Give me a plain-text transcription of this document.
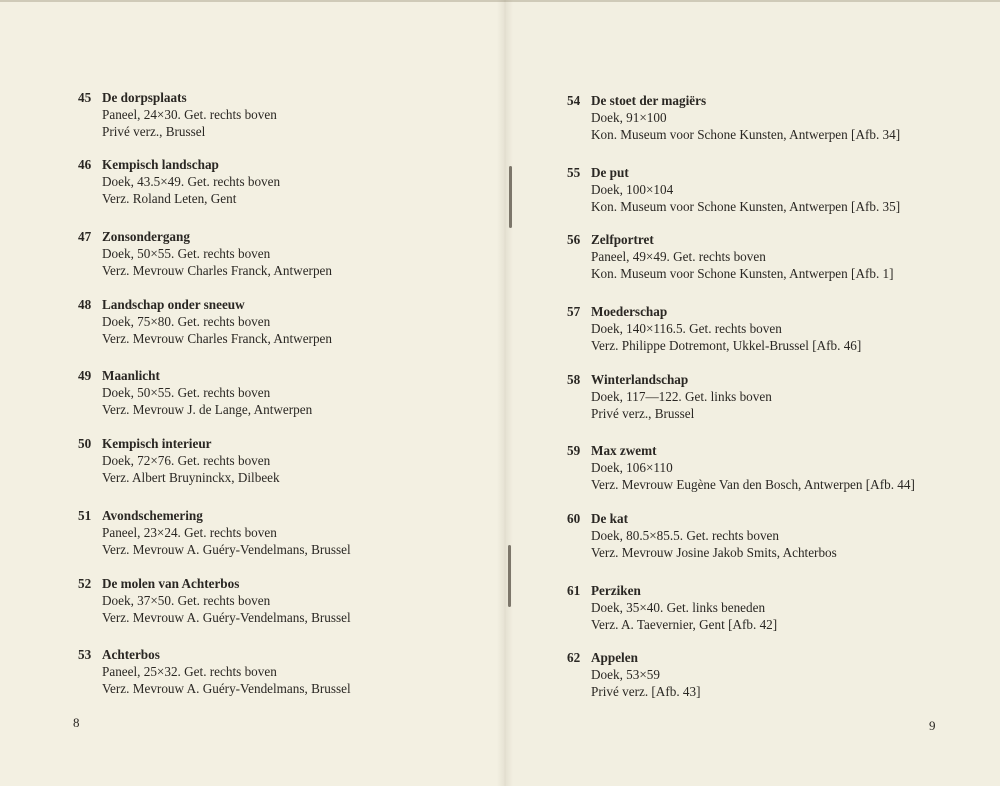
45 De dorpsplaats
Paneel, 24×30. Get. rechts boven
Privé verz., Brussel
46 Kempisch landschap
Doek, 43.5×49. Get. rechts boven
Verz. Roland Leten, Gent
47 Zonsondergang
Doek, 50×55. Get. rechts boven
Verz. Mevrouw Charles Franck, Antwerpen
48 Landschap onder sneeuw
Doek, 75×80. Get. rechts boven
Verz. Mevrouw Charles Franck, Antwerpen
49 Maanlicht
Doek, 50×55. Get. rechts boven
Verz. Mevrouw J. de Lange, Antwerpen
50 Kempisch interieur
Doek, 72×76. Get. rechts boven
Verz. Albert Bruyninckx, Dilbeek
51 Avondschemering
Paneel, 23×24. Get. rechts boven
Verz. Mevrouw A. Guéry-Vendelmans, Brussel
52 De molen van Achterbos
Doek, 37×50. Get. rechts boven
Verz. Mevrouw A. Guéry-Vendelmans, Brussel
53 Achterbos
Paneel, 25×32. Get. rechts boven
Verz. Mevrouw A. Guéry-Vendelmans, Brussel
8
54 De stoet der magiërs
Doek, 91×100
Kon. Museum voor Schone Kunsten, Antwerpen [Afb. 34]
55 De put
Doek, 100×104
Kon. Museum voor Schone Kunsten, Antwerpen [Afb. 35]
56 Zelfportret
Paneel, 49×49. Get. rechts boven
Kon. Museum voor Schone Kunsten, Antwerpen [Afb. 1]
57 Moederschap
Doek, 140×116.5. Get. rechts boven
Verz. Philippe Dotremont, Ukkel-Brussel [Afb. 46]
58 Winterlandschap
Doek, 117—122. Get. links boven
Privé verz., Brussel
59 Max zwemt
Doek, 106×110
Verz. Mevrouw Eugène Van den Bosch, Antwerpen [Afb. 44]
60 De kat
Doek, 80.5×85.5. Get. rechts boven
Verz. Mevrouw Josine Jakob Smits, Achterbos
61 Perziken
Doek, 35×40. Get. links beneden
Verz. A. Taevernier, Gent [Afb. 42]
62 Appelen
Doek, 53×59
Privé verz. [Afb. 43]
9
